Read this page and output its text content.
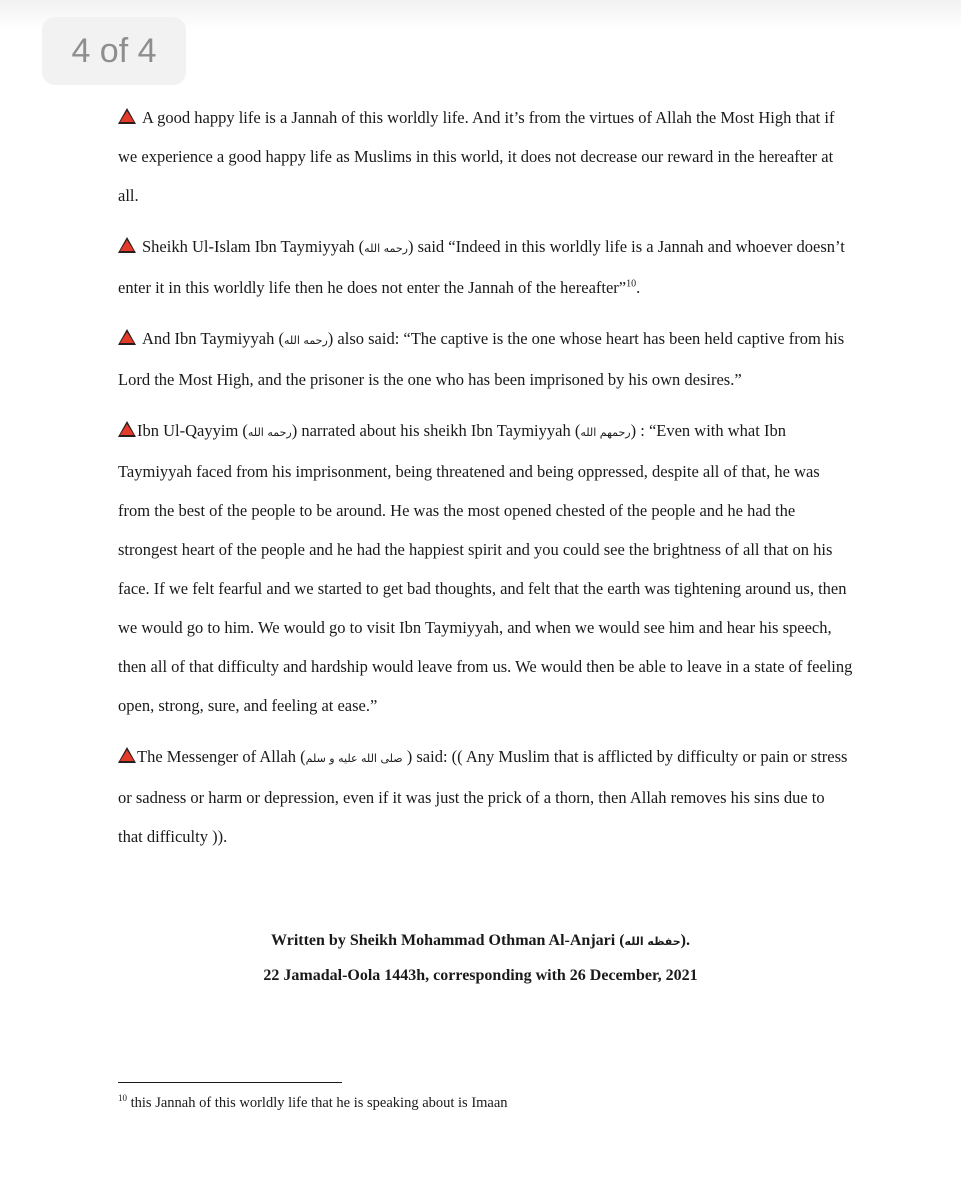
4 of 4

A good happy life is a Jannah of this worldly life. And it’s from the virtues of Allah the Most High that if we experience a good happy life as Muslims in this world, it does not decrease our reward in the hereafter at all.

Sheikh Ul-Islam Ibn Taymiyyah (رحمه الله) said “Indeed in this worldly life is a Jannah and whoever doesn’t enter it in this worldly life then he does not enter the Jannah of the hereafter”$^{10}$.

And Ibn Taymiyyah (رحمه الله) also said: “The captive is the one whose heart has been held captive from his Lord the Most High, and the prisoner is the one who has been imprisoned by his own desires.”

Ibn Ul-Qayyim (رحمه الله) narrated about his sheikh Ibn Taymiyyah (رحمهم الله) : “Even with what Ibn Taymiyyah faced from his imprisonment, being threatened and being oppressed, despite all of that, he was from the best of the people to be around. He was the most opened chested of the people and he had the strongest heart of the people and he had the happiest spirit and you could see the brightness of all that on his face. If we felt fearful and we started to get bad thoughts, and felt that the earth was tightening around us, then we would go to him. We would go to visit Ibn Taymiyyah, and when we would see him and hear his speech, then all of that difficulty and hardship would leave from us. We would then be able to leave in a state of feeling open, strong, sure, and feeling at ease.”

The Messenger of Allah (صلى الله عليه و سلم ) said: (( Any Muslim that is afflicted by difficulty or pain or stress or sadness or harm or depression, even if it was just the prick of a thorn, then Allah removes his sins due to that difficulty )).

Written by Sheikh Mohammad Othman Al-Anjari (حفظه الله).
22 Jamadal-Oola 1443h, corresponding with 26 December, 2021
$^{10}$ this Jannah of this worldly life that he is speaking about is Imaan
